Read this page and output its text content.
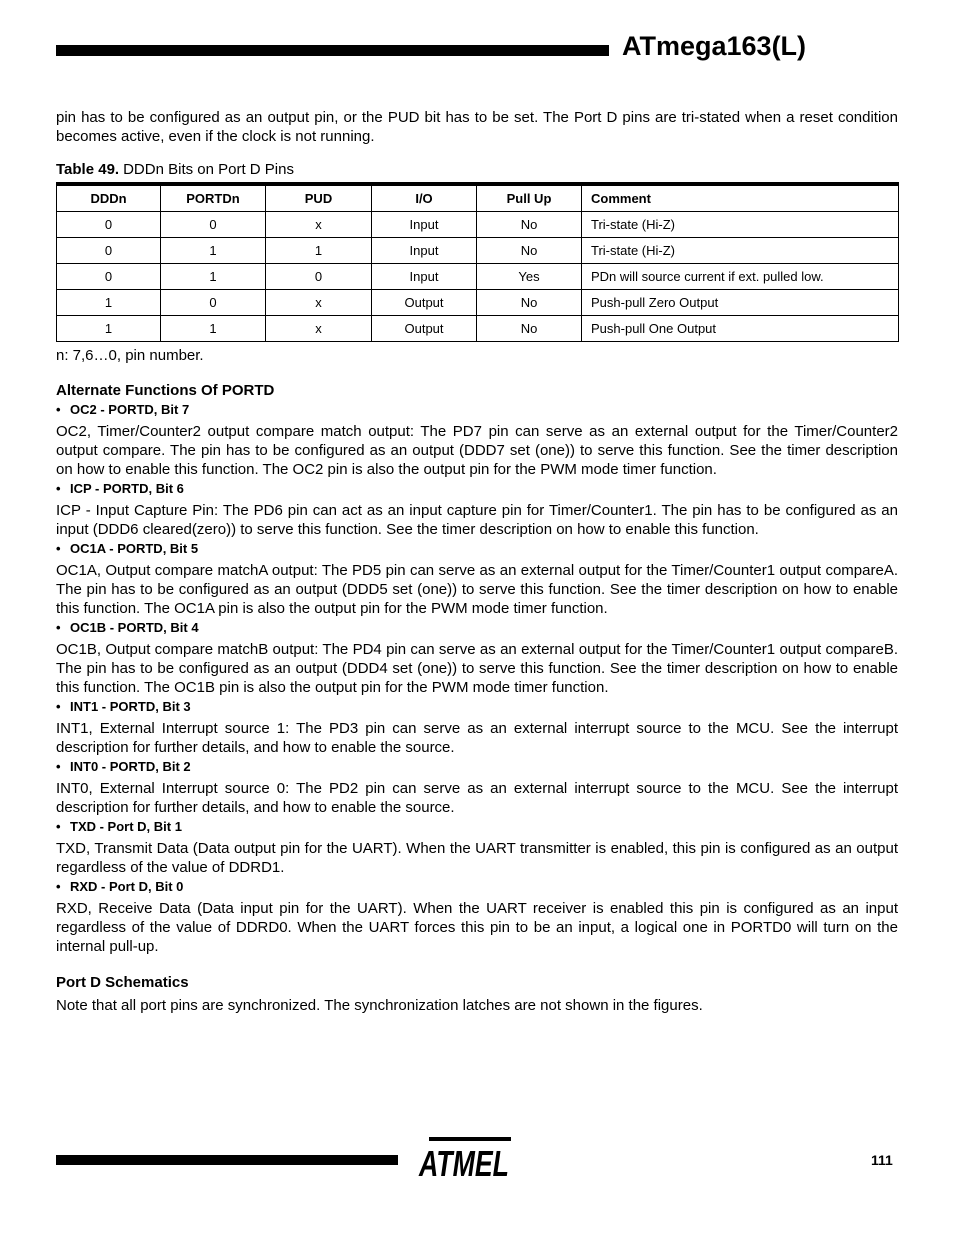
ATmega163(L)

pin has to be configured as an output pin, or the PUD bit has to be set. The Port D pins are tri-stated when a reset condition becomes active, even if the clock is not running.

Table 49. DDDn Bits on Port D Pins
DDDn	PORTDn	PUD	I/O	Pull Up	Comment
0	0	x	Input	No	Tri-state (Hi-Z)
0	1	1	Input	No	Tri-state (Hi-Z)
0	1	0	Input	Yes	PDn will source current if ext. pulled low.
1	0	x	Output	No	Push-pull Zero Output
1	1	x	Output	No	Push-pull One Output
n: 7,6…0, pin number.
Alternate Functions Of PORTD
• OC2 - PORTD, Bit 7

OC2, Timer/Counter2 output compare match output: The PD7 pin can serve as an external output for the Timer/Counter2 output compare. The pin has to be configured as an output (DDD7 set (one)) to serve this function. See the timer description on how to enable this function. The OC2 pin is also the output pin for the PWM mode timer function.

• ICP - PORTD, Bit 6

ICP - Input Capture Pin: The PD6 pin can act as an input capture pin for Timer/Counter1. The pin has to be configured as an input (DDD6 cleared(zero)) to serve this function. See the timer description on how to enable this function.

• OC1A - PORTD, Bit 5

OC1A, Output compare matchA output: The PD5 pin can serve as an external output for the Timer/Counter1 output compareA. The pin has to be configured as an output (DDD5 set (one)) to serve this function. See the timer description on how to enable this function. The OC1A pin is also the output pin for the PWM mode timer function.

• OC1B - PORTD, Bit 4

OC1B, Output compare matchB output: The PD4 pin can serve as an external output for the Timer/Counter1 output compareB. The pin has to be configured as an output (DDD4 set (one)) to serve this function. See the timer description on how to enable this function. The OC1B pin is also the output pin for the PWM mode timer function.

• INT1 - PORTD, Bit 3

INT1, External Interrupt source 1: The PD3 pin can serve as an external interrupt source to the MCU. See the interrupt description for further details, and how to enable the source.

• INT0 - PORTD, Bit 2

INT0, External Interrupt source 0: The PD2 pin can serve as an external interrupt source to the MCU. See the interrupt description for further details, and how to enable the source.

• TXD - Port D, Bit 1

TXD, Transmit Data (Data output pin for the UART). When the UART transmitter is enabled, this pin is configured as an output regardless of the value of DDRD1.

• RXD - Port D, Bit 0

RXD, Receive Data (Data input pin for the UART). When the UART receiver is enabled this pin is configured as an input regardless of the value of DDRD0. When the UART forces this pin to be an input, a logical one in PORTD0 will turn on the internal pull-up.

Port D Schematics

Note that all port pins are synchronized. The synchronization latches are not shown in the figures.

ATMEL	111
